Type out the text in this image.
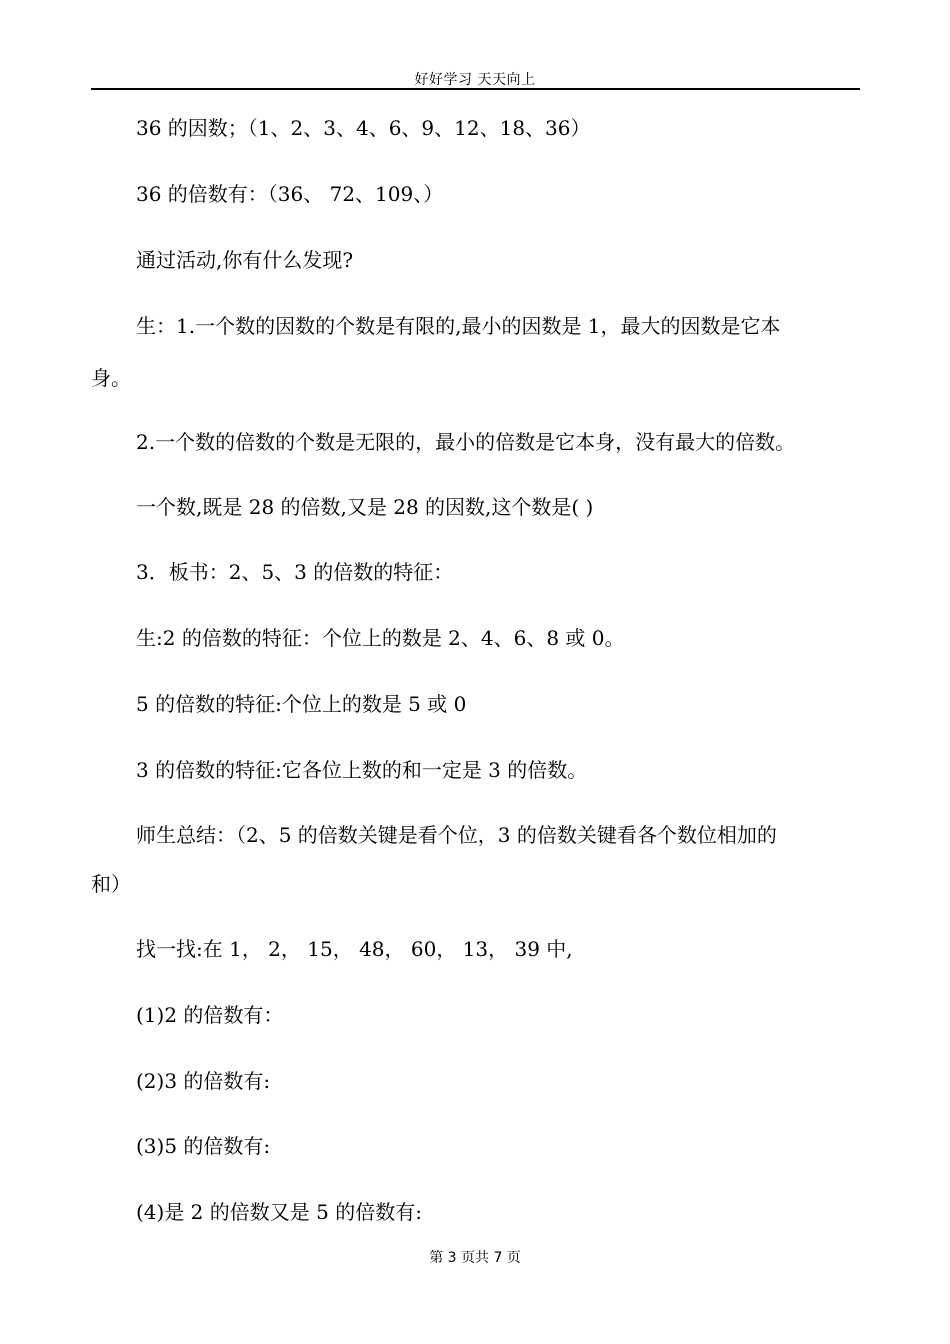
好好学习 天天向上
36 的因数；（1、2、3、4、6、9、12、18、36）
36 的倍数有：（36、 72、109、）
通过活动,你有什么发现?
生：1.一个数的因数的个数是有限的,最小的因数是 1，最大的因数是它本
身。
2.一个数的倍数的个数是无限的，最小的倍数是它本身，没有最大的倍数。
一个数,既是 28 的倍数,又是 28 的因数,这个数是( )
3．板书：2、5、3 的倍数的特征：
生:2 的倍数的特征：个位上的数是 2、4、6、8 或 0。
5 的倍数的特征:个位上的数是 5 或 0
3 的倍数的特征:它各位上数的和一定是 3 的倍数。
师生总结：（2、5 的倍数关键是看个位，3 的倍数关键看各个数位相加的
和）
找一找:在 1， 2， 15， 48， 60， 13， 39 中,
(1)2 的倍数有：
(2)3 的倍数有:
(3)5 的倍数有:
(4)是 2 的倍数又是 5 的倍数有:
第 3 页共 7 页
